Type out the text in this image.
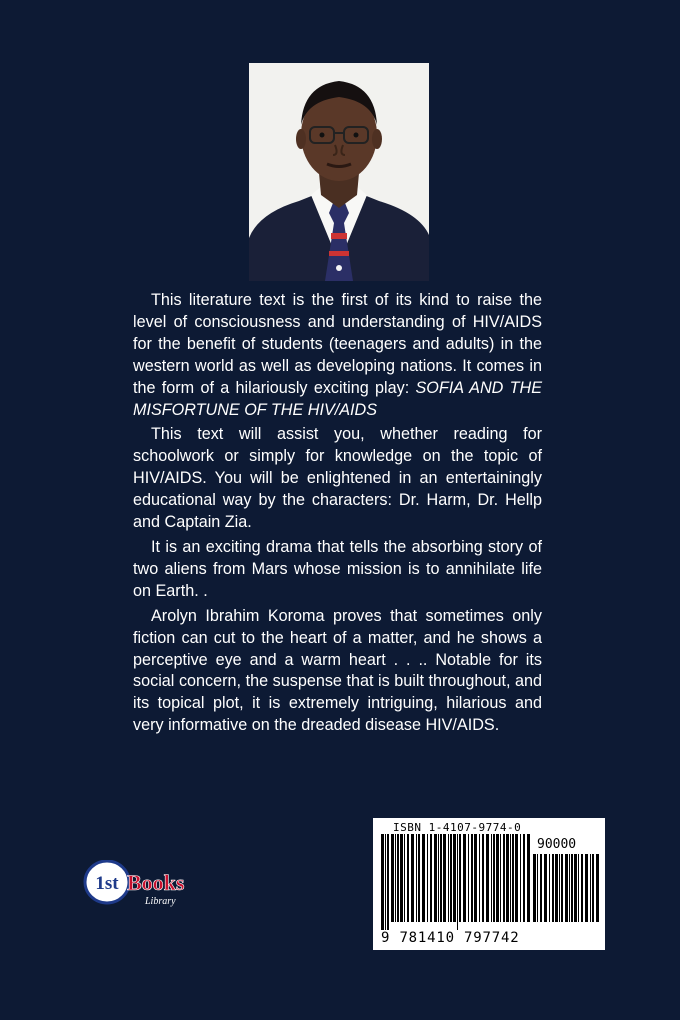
This literature text is the first of its kind to raise the level of consciousness and understanding of HIV/AIDS for the benefit of students (teenagers and adults) in the western world as well as developing nations. It comes in the form of a hilariously exciting play: SOFIA AND THE MISFORTUNE OF THE HIV/AIDS

This text will assist you, whether reading for schoolwork or simply for knowledge on the topic of HIV/AIDS. You will be enlightened in an entertainingly educational way by the characters: Dr. Harm, Dr. Hellp and Captain Zia.

It is an exciting drama that tells the absorbing story of two aliens from Mars whose mission is to annihilate life on Earth. .

Arolyn Ibrahim Koroma proves that sometimes only fiction can cut to the heart of a matter, and he shows a perceptive eye and a warm heart . . .. Notable for its social concern, the suspense that is built throughout, and its topical plot, it is extremely intriguing, hilarious and very informative on the dreaded disease HIV/AIDS.

1st Books
Library
ISBN 1-4107-9774-0
90000
9 781410 797742
